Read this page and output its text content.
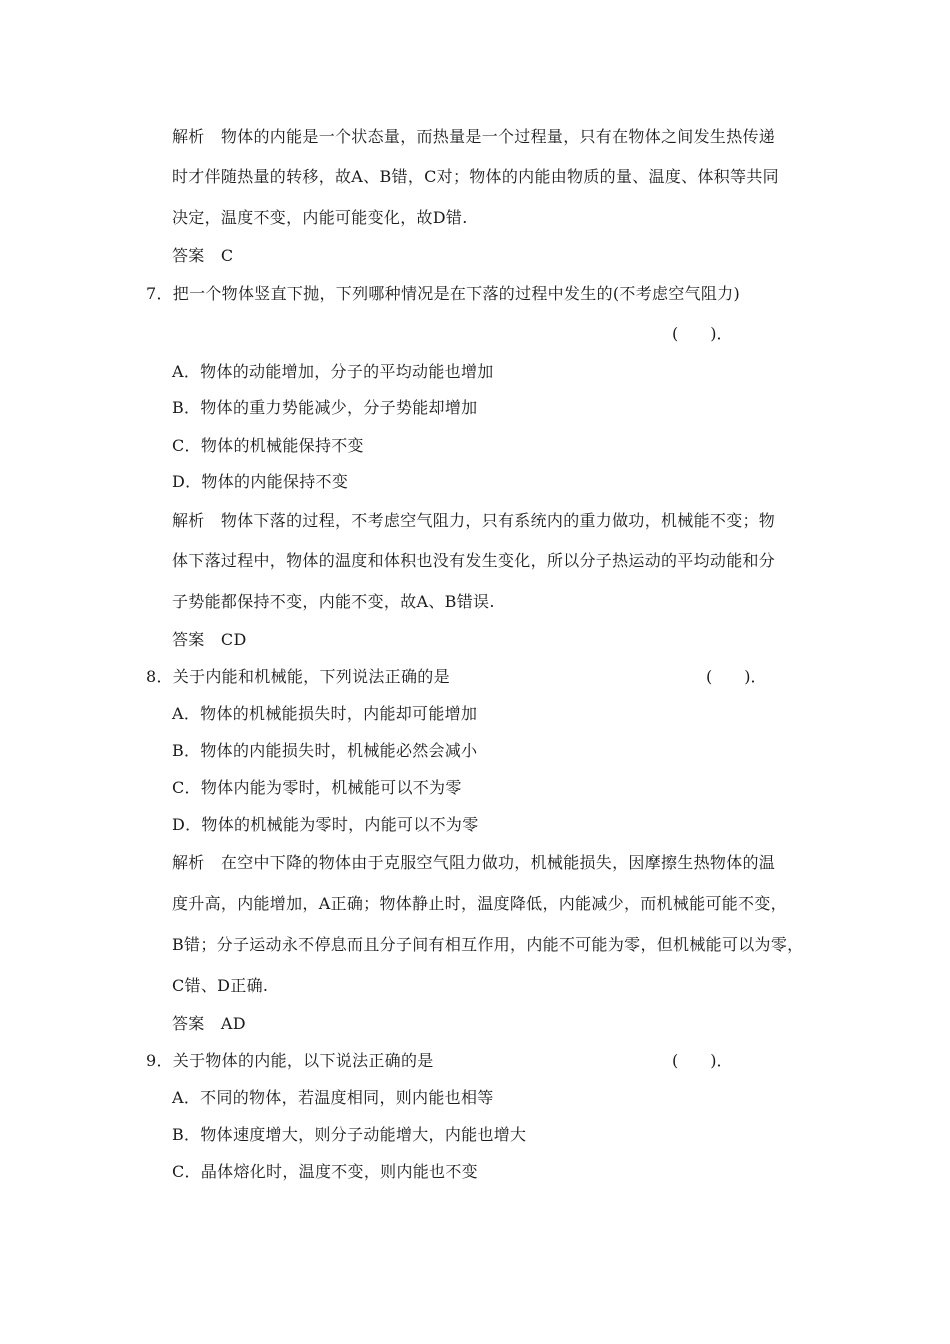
解析　物体的内能是一个状态量，而热量是一个过程量，只有在物体之间发生热传递
时才伴随热量的转移，故A、B错，C对；物体的内能由物质的量、温度、体积等共同
决定，温度不变，内能可能变化，故D错.
答案　C
7．把一个物体竖直下抛，下列哪种情况是在下落的过程中发生的(不考虑空气阻力)
(　　)．
A．物体的动能增加，分子的平均动能也增加
B．物体的重力势能减少，分子势能却增加
C．物体的机械能保持不变
D．物体的内能保持不变
解析　物体下落的过程，不考虑空气阻力，只有系统内的重力做功，机械能不变；物
体下落过程中，物体的温度和体积也没有发生变化，所以分子热运动的平均动能和分
子势能都保持不变，内能不变，故A、B错误.
答案　CD
8．关于内能和机械能，下列说法正确的是	(　　)．
A．物体的机械能损失时，内能却可能增加
B．物体的内能损失时，机械能必然会减小
C．物体内能为零时，机械能可以不为零
D．物体的机械能为零时，内能可以不为零
解析　在空中下降的物体由于克服空气阻力做功，机械能损失，因摩擦生热物体的温
度升高，内能增加，A正确；物体静止时，温度降低，内能减少，而机械能可能不变，
B错；分子运动永不停息而且分子间有相互作用，内能不可能为零，但机械能可以为零，
C错、D正确.
答案　AD
9．关于物体的内能，以下说法正确的是	(　　)．
A．不同的物体，若温度相同，则内能也相等
B．物体速度增大，则分子动能增大，内能也增大
C．晶体熔化时，温度不变，则内能也不变
